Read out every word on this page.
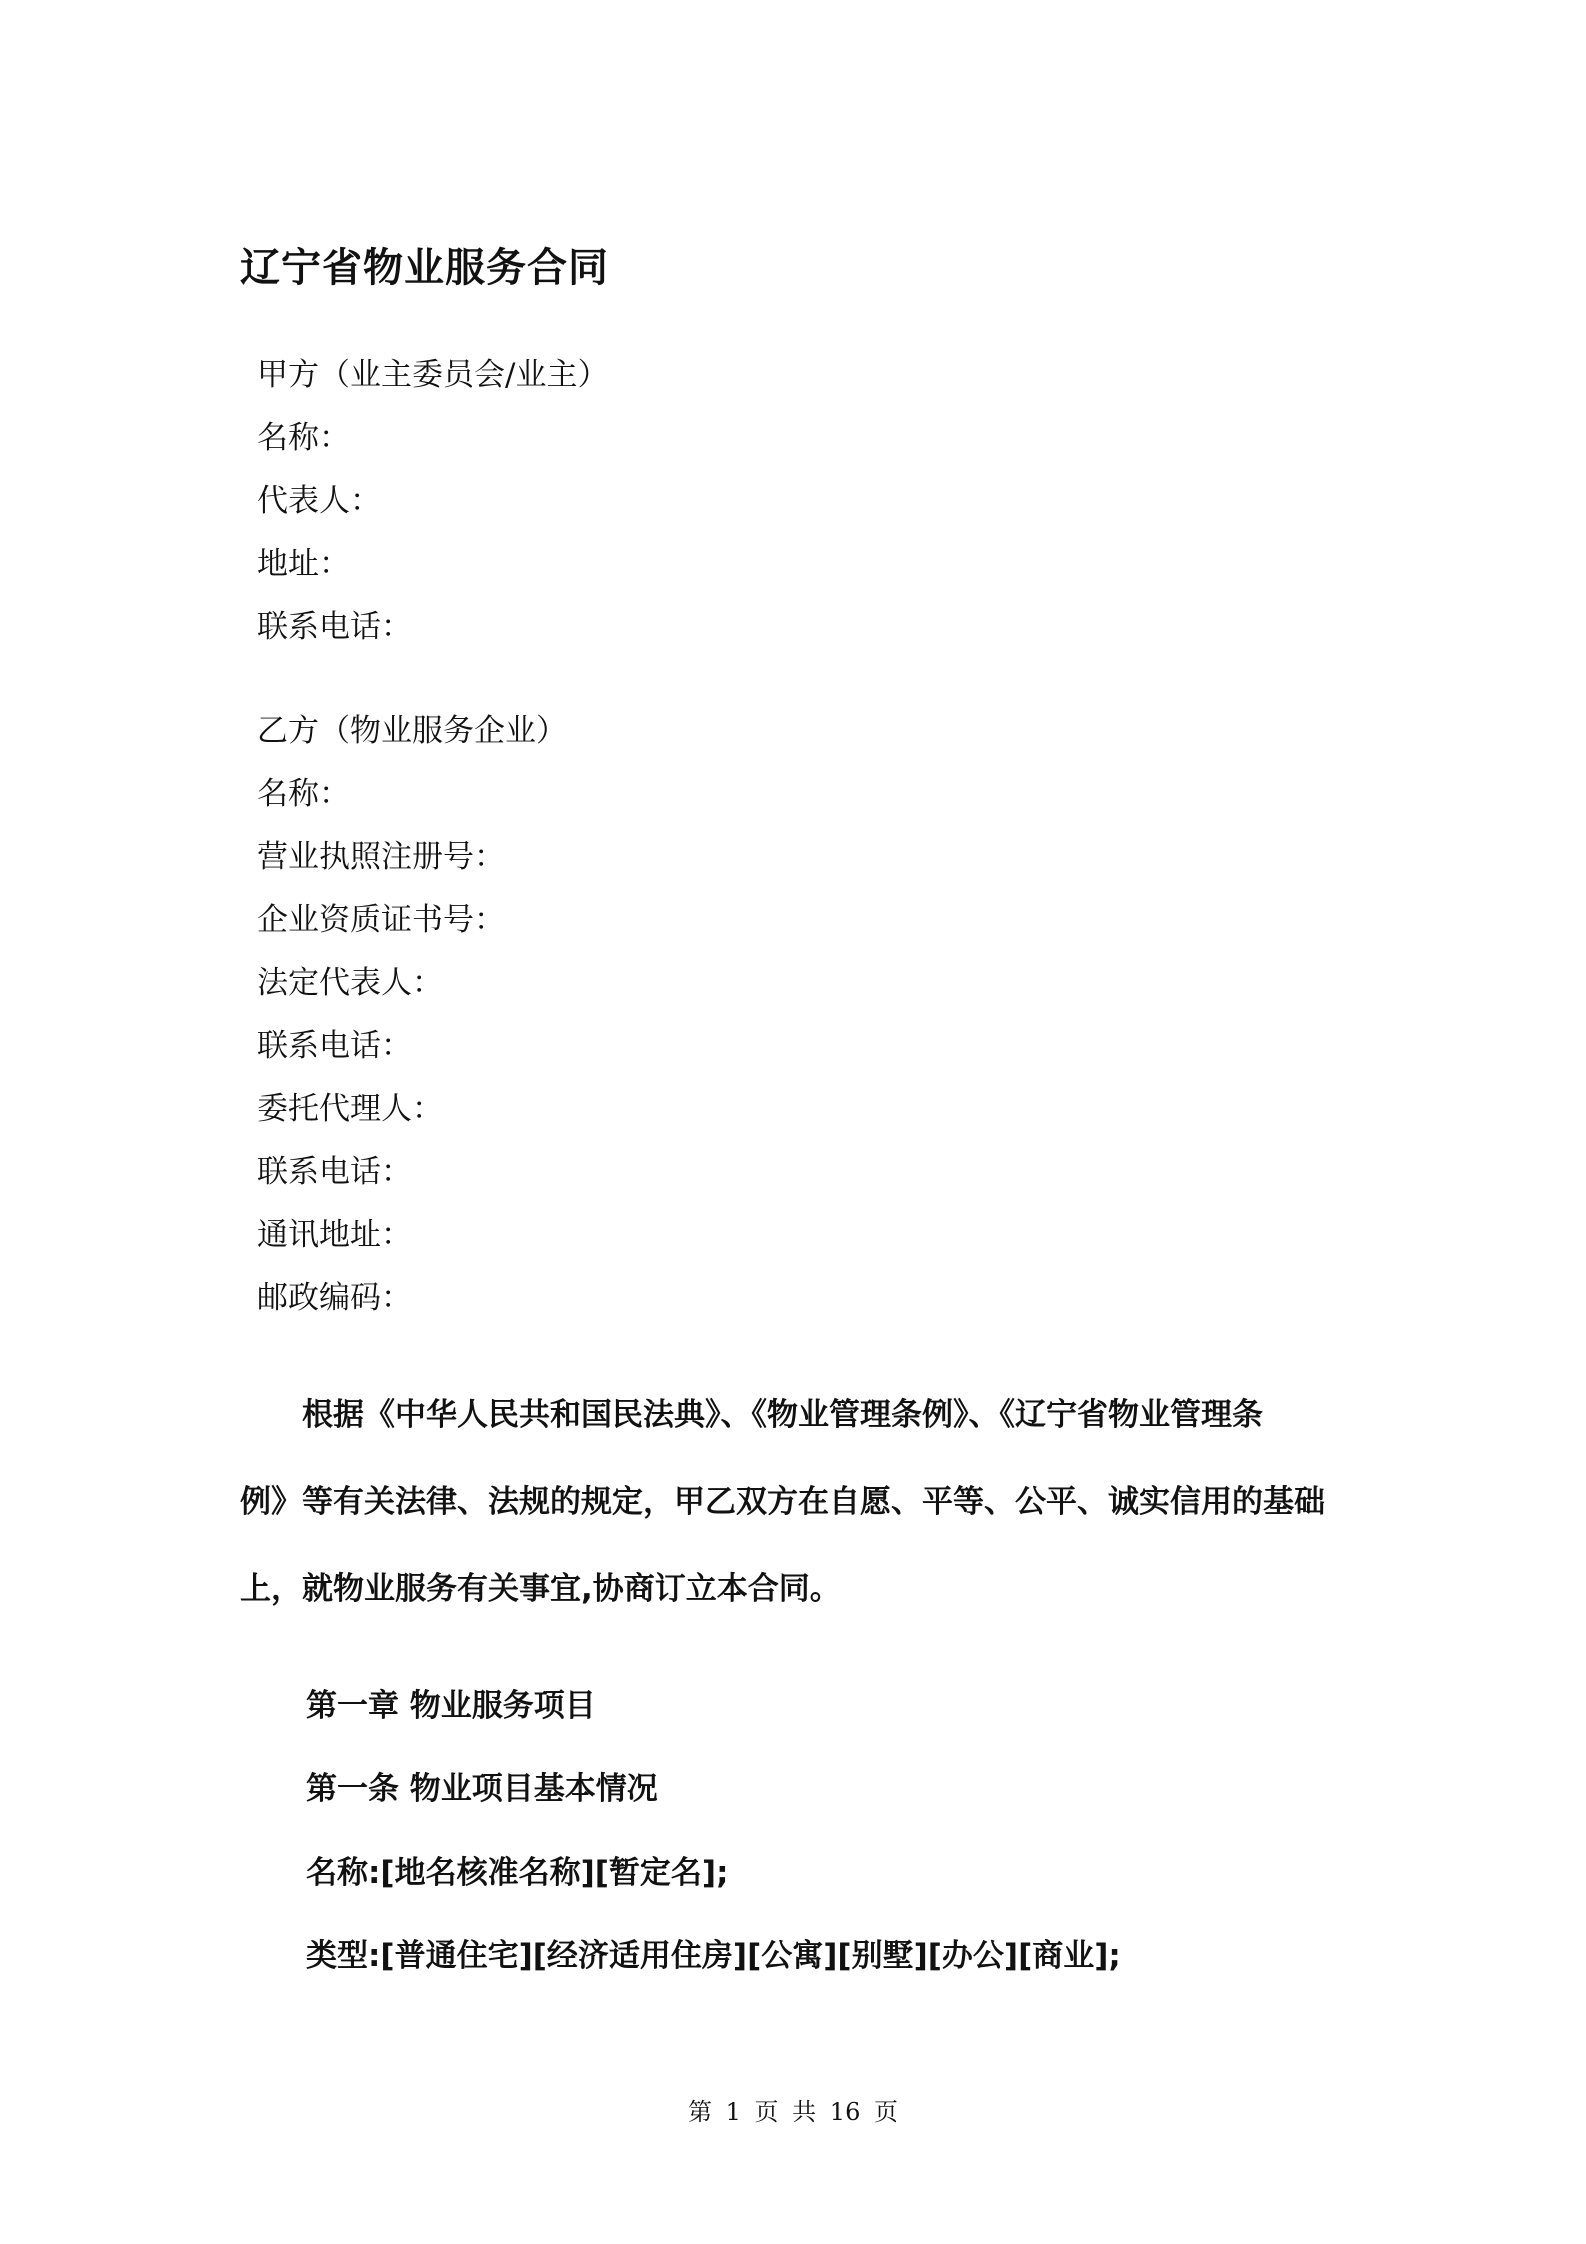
辽宁省物业服务合同
甲方（业主委员会/业主）
名称：
代表人：
地址：
联系电话：
乙方（物业服务企业）
名称：
营业执照注册号：
企业资质证书号：
法定代表人：
联系电话：
委托代理人：
联系电话：
通讯地址：
邮政编码：

根据《中华人民共和国民法典》、《物业管理条例》、《辽宁省物业管理条
例》等有关法律、法规的规定，甲乙双方在自愿、平等、公平、诚实信用的基础
上，就物业服务有关事宜,协商订立本合同。

第一章 物业服务项目

第一条 物业项目基本情况

名称:[地名核准名称][暂定名];

类型:[普通住宅][经济适用住房][公寓][别墅][办公][商业];

第 1 页 共 16 页
